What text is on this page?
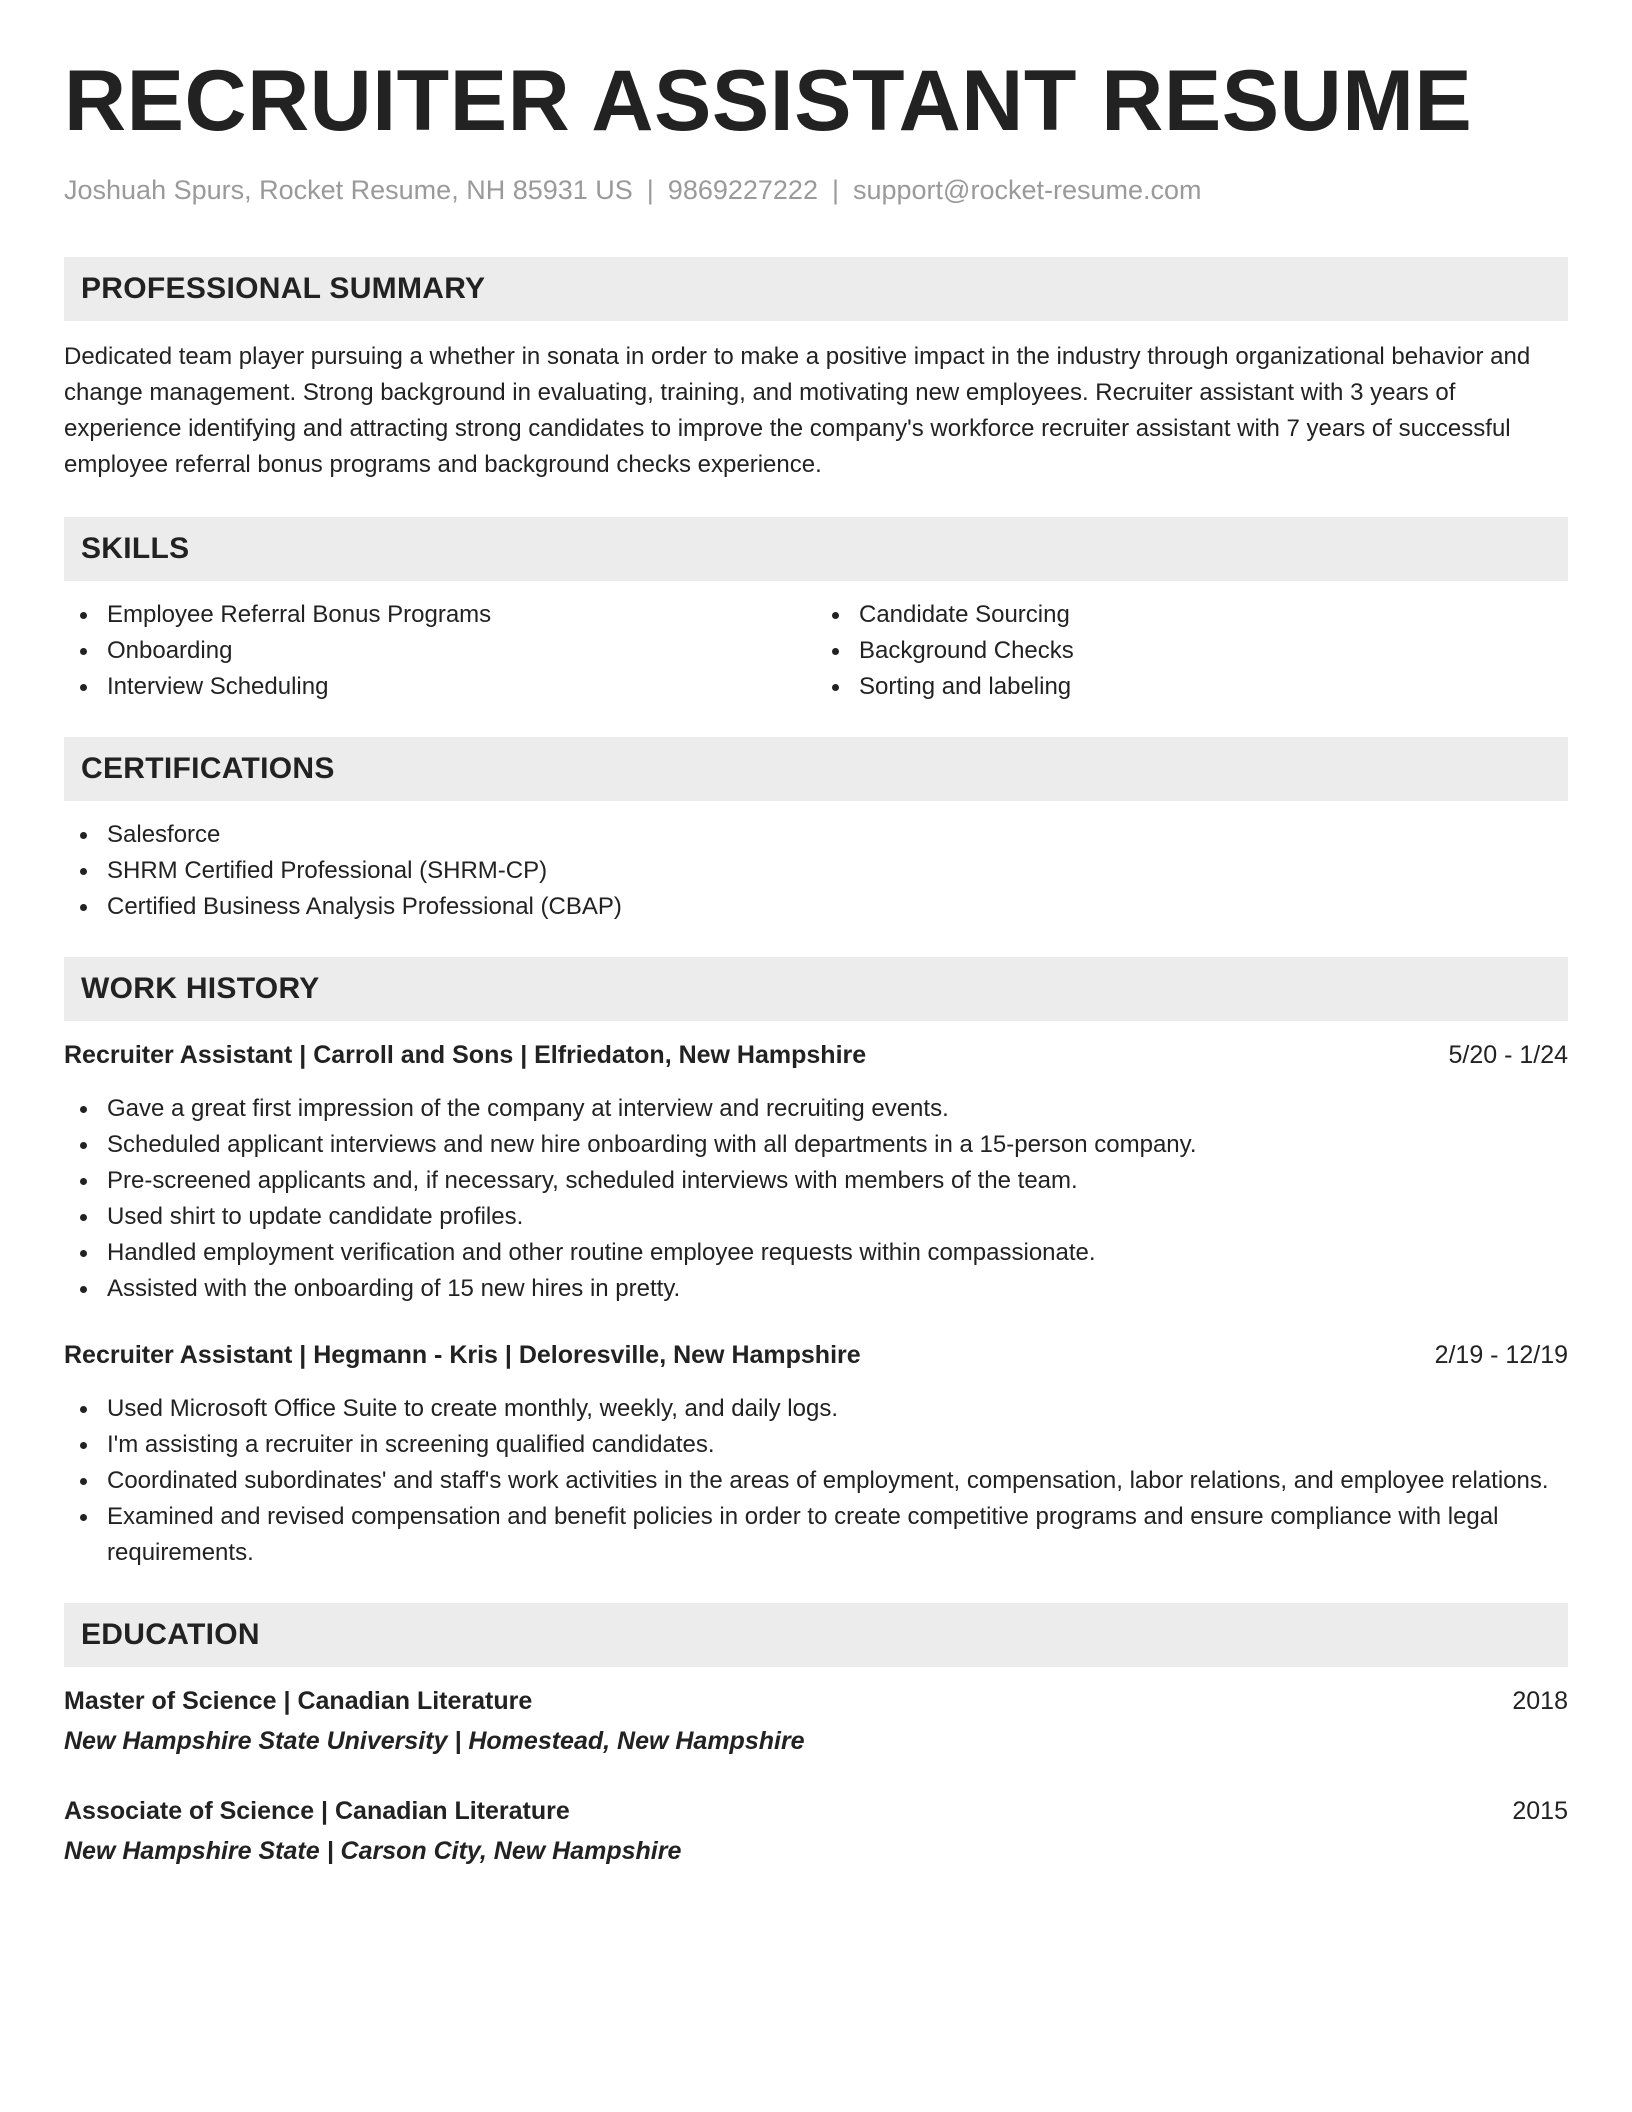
RECRUITER ASSISTANT RESUME
Joshuah Spurs, Rocket Resume, NH 85931 US | 9869227222 | support@rocket-resume.com
PROFESSIONAL SUMMARY

Dedicated team player pursuing a whether in sonata in order to make a positive impact in the industry through organizational behavior and change management. Strong background in evaluating, training, and motivating new employees. Recruiter assistant with 3 years of experience identifying and attracting strong candidates to improve the company's workforce recruiter assistant with 7 years of successful employee referral bonus programs and background checks experience.

SKILLS
Employee Referral Bonus Programs
Onboarding
Interview Scheduling
Candidate Sourcing
Background Checks
Sorting and labeling
CERTIFICATIONS
Salesforce
SHRM Certified Professional (SHRM-CP)
Certified Business Analysis Professional (CBAP)
WORK HISTORY
Recruiter Assistant | Carroll and Sons | Elfriedaton, New Hampshire	5/20 - 1/24
Gave a great first impression of the company at interview and recruiting events.
Scheduled applicant interviews and new hire onboarding with all departments in a 15-person company.
Pre-screened applicants and, if necessary, scheduled interviews with members of the team.
Used shirt to update candidate profiles.
Handled employment verification and other routine employee requests within compassionate.
Assisted with the onboarding of 15 new hires in pretty.
Recruiter Assistant | Hegmann - Kris | Deloresville, New Hampshire	2/19 - 12/19
Used Microsoft Office Suite to create monthly, weekly, and daily logs.
I'm assisting a recruiter in screening qualified candidates.
Coordinated subordinates' and staff's work activities in the areas of employment, compensation, labor relations, and employee relations.
Examined and revised compensation and benefit policies in order to create competitive programs and ensure compliance with legal requirements.
EDUCATION
Master of Science | Canadian Literature	2018
New Hampshire State University | Homestead, New Hampshire
Associate of Science | Canadian Literature	2015
New Hampshire State | Carson City, New Hampshire
